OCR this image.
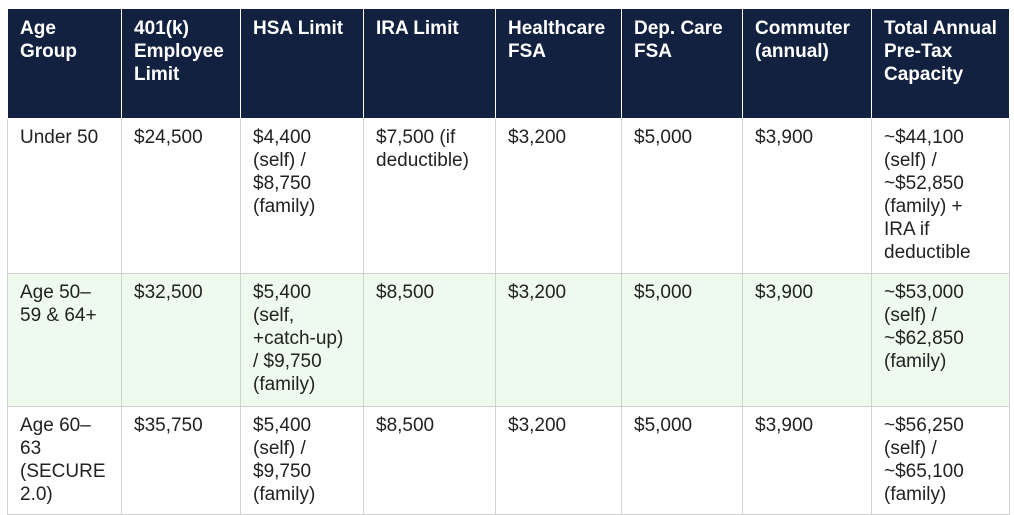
Age Group	401(k) Employee Limit	HSA Limit	IRA Limit	Healthcare FSA	Dep. Care FSA	Commuter (annual)	Total Annual Pre-Tax Capacity
Under 50	$24,500	$4,400 (self) / $8,750 (family)	$7,500 (if deductible)	$3,200	$5,000	$3,900	~$44,100 (self) / ~$52,850 (family) + IRA if deductible
Age 50–59 & 64+	$32,500	$5,400 (self, +catch-up) / $9,750 (family)	$8,500	$3,200	$5,000	$3,900	~$53,000 (self) / ~$62,850 (family)
Age 60–63 (SECURE 2.0)	$35,750	$5,400 (self) / $9,750 (family)	$8,500	$3,200	$5,000	$3,900	~$56,250 (self) / ~$65,100 (family)
